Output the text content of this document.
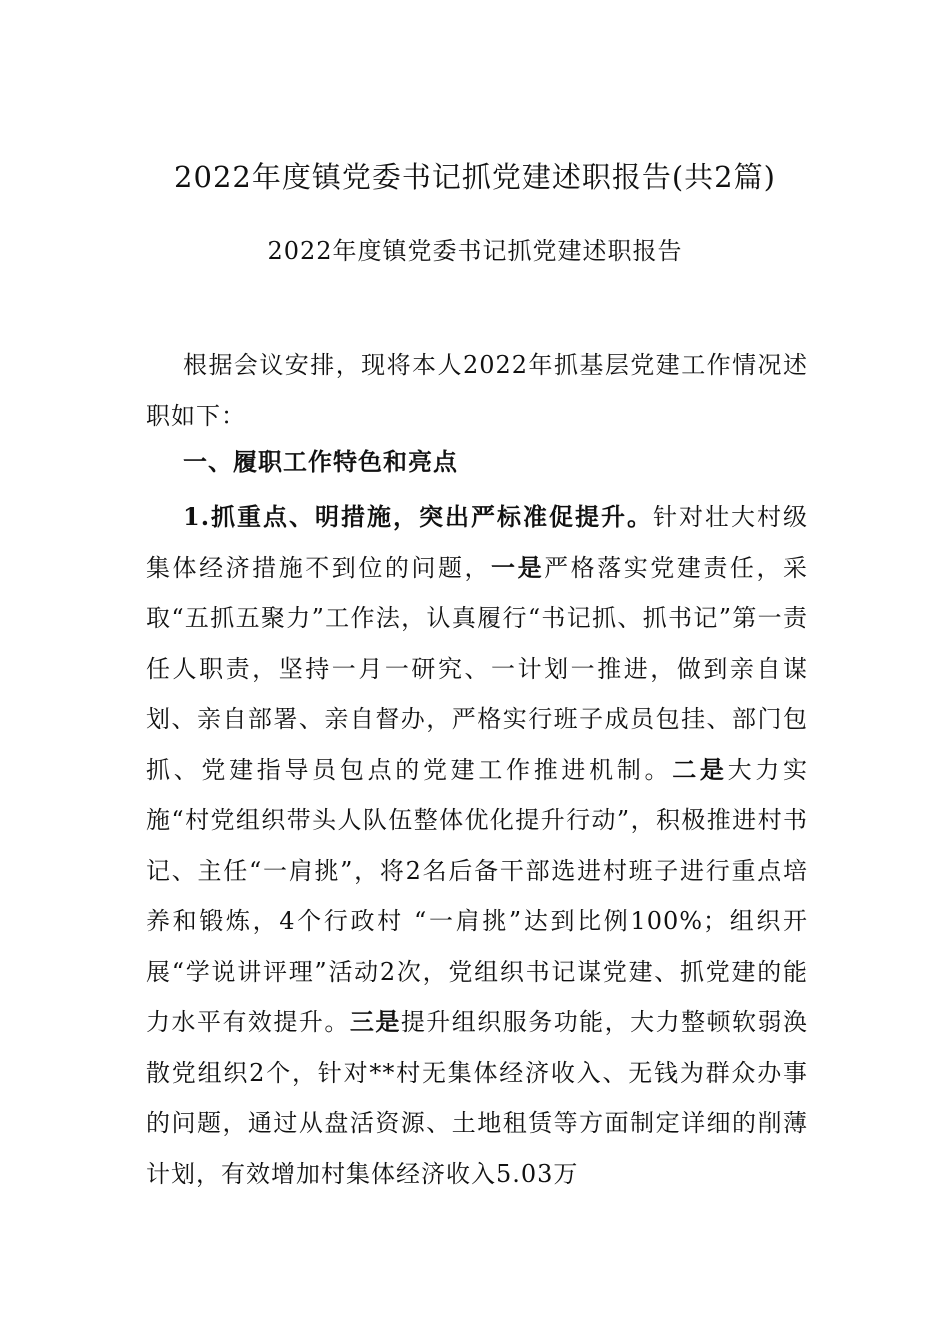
2022年度镇党委书记抓党建述职报告(共2篇)
2022年度镇党委书记抓党建述职报告
根据会议安排，现将本人2022年抓基层党建工作情况述职如下：
一、履职工作特色和亮点
1.抓重点、明措施，突出严标准促提升。针对壮大村级集体经济措施不到位的问题，一是严格落实党建责任，采取“五抓五聚力”工作法，认真履行“书记抓、抓书记”第一责任人职责，坚持一月一研究、一计划一推进，做到亲自谋划、亲自部署、亲自督办，严格实行班子成员包挂、部门包抓、党建指导员包点的党建工作推进机制。二是大力实施“村党组织带头人队伍整体优化提升行动”，积极推进村书记、主任“一肩挑”，将2名后备干部选进村班子进行重点培养和锻炼，4个行政村 “一肩挑”达到比例100%；组织开展“学说讲评理”活动2次，党组织书记谋党建、抓党建的能力水平有效提升。三是提升组织服务功能，大力整顿软弱涣散党组织2个，针对**村无集体经济收入、无钱为群众办事的问题，通过从盘活资源、土地租赁等方面制定详细的削薄计划，有效增加村集体经济收入5.03万
